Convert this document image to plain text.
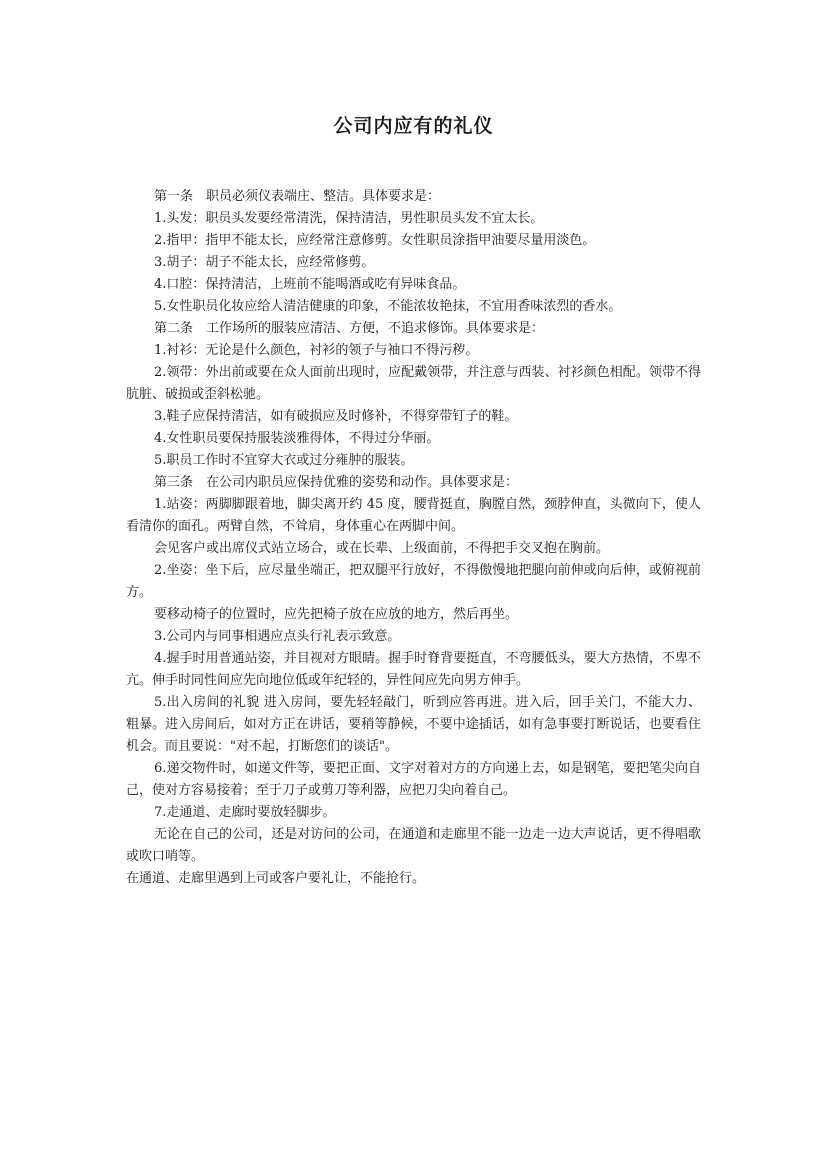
公司内应有的礼仪

第一条　职员必须仪表端庄、整洁。具体要求是：

1.头发：职员头发要经常清洗，保持清洁，男性职员头发不宜太长。

2.指甲：指甲不能太长，应经常注意修剪。女性职员涂指甲油要尽量用淡色。

3.胡子：胡子不能太长，应经常修剪。

4.口腔：保持清洁，上班前不能喝酒或吃有异味食品。

5.女性职员化妆应给人清洁健康的印象，不能浓妆艳抹，不宜用香味浓烈的香水。

第二条　工作场所的服装应清洁、方便，不追求修饰。具体要求是：

1.衬衫：无论是什么颜色，衬衫的领子与袖口不得污秽。

2.领带：外出前或要在众人面前出现时，应配戴领带，并注意与西装、衬衫颜色相配。领带不得肮脏、破损或歪斜松驰。

3.鞋子应保持清洁，如有破损应及时修补，不得穿带钉子的鞋。

4.女性职员要保持服装淡雅得体，不得过分华丽。

5.职员工作时不宜穿大衣或过分雍肿的服装。

第三条　在公司内职员应保持优雅的姿势和动作。具体要求是：

1.站姿：两脚脚跟着地，脚尖离开约 45 度，腰背挺直，胸膛自然，颈脖伸直，头微向下，使人看清你的面孔。两臂自然，不耸肩，身体重心在两脚中间。

会见客户或出席仪式站立场合，或在长辈、上级面前，不得把手交叉抱在胸前。

2.坐姿：坐下后，应尽量坐端正，把双腿平行放好，不得傲慢地把腿向前伸或向后伸，或俯视前方。

要移动椅子的位置时，应先把椅子放在应放的地方，然后再坐。

3.公司内与同事相遇应点头行礼表示致意。

4.握手时用普通站姿，并目视对方眼睛。握手时脊背要挺直，不弯腰低头，要大方热情，不卑不亢。伸手时同性间应先向地位低或年纪轻的，异性间应先向男方伸手。

5.出入房间的礼貌 进入房间，要先轻轻敲门，听到应答再进。进入后，回手关门，不能大力、粗暴。进入房间后，如对方正在讲话，要稍等静候，不要中途插话，如有急事要打断说话，也要看住机会。而且要说："对不起，打断您们的谈话"。

6.递交物件时，如递文件等，要把正面、文字对着对方的方向递上去，如是钢笔，要把笔尖向自己，使对方容易接着；至于刀子或剪刀等利器，应把刀尖向着自己。

7.走通道、走廊时要放轻脚步。

无论在自己的公司，还是对访问的公司，在通道和走廊里不能一边走一边大声说话，更不得唱歌或吹口哨等。

在通道、走廊里遇到上司或客户要礼让，不能抢行。
